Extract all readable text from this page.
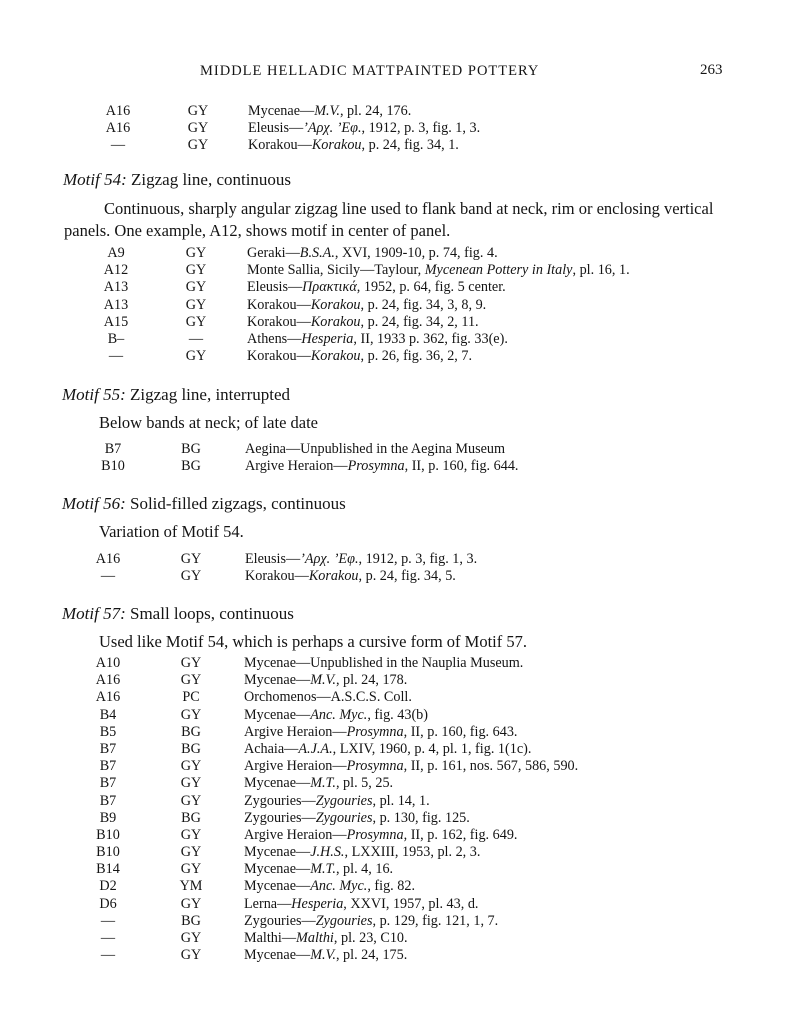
MIDDLE HELLADIC MATTPAINTED POTTERY	263
A16	GY	Mycenae—M.V., pl. 24, 176.
A16	GY	Eleusis—’Αρχ. ’Εφ., 1912, p. 3, fig. 1, 3.
—	GY	Korakou—Korakou, p. 24, fig. 34, 1.
Motif 54: Zigzag line, continuous
Continuous, sharply angular zigzag line used to flank band at neck, rim or enclosing vertical panels. One example, A12, shows motif in center of panel.
A9	GY	Geraki—B.S.A., XVI, 1909-10, p. 74, fig. 4.
A12	GY	Monte Sallia, Sicily—Taylour, Mycenean Pottery in Italy, pl. 16, 1.
A13	GY	Eleusis—Πρακτικά, 1952, p. 64, fig. 5 center.
A13	GY	Korakou—Korakou, p. 24, fig. 34, 3, 8, 9.
A15	GY	Korakou—Korakou, p. 24, fig. 34, 2, 11.
B–	—	Athens—Hesperia, II, 1933 p. 362, fig. 33(e).
—	GY	Korakou—Korakou, p. 26, fig. 36, 2, 7.
Motif 55: Zigzag line, interrupted
Below bands at neck; of late date
B7	BG	Aegina—Unpublished in the Aegina Museum
B10	BG	Argive Heraion—Prosymna, II, p. 160, fig. 644.
Motif 56: Solid-filled zigzags, continuous
Variation of Motif 54.
A16	GY	Eleusis—’Αρχ. ’Εφ., 1912, p. 3, fig. 1, 3.
—	GY	Korakou—Korakou, p. 24, fig. 34, 5.
Motif 57: Small loops, continuous
Used like Motif 54, which is perhaps a cursive form of Motif 57.
A10	GY	Mycenae—Unpublished in the Nauplia Museum.
A16	GY	Mycenae—M.V., pl. 24, 178.
A16	PC	Orchomenos—A.S.C.S. Coll.
B4	GY	Mycenae—Anc. Myc., fig. 43(b)
B5	BG	Argive Heraion—Prosymna, II, p. 160, fig. 643.
B7	BG	Achaia—A.J.A., LXIV, 1960, p. 4, pl. 1, fig. 1(1c).
B7	GY	Argive Heraion—Prosymna, II, p. 161, nos. 567, 586, 590.
B7	GY	Mycenae—M.T., pl. 5, 25.
B7	GY	Zygouries—Zygouries, pl. 14, 1.
B9	BG	Zygouries—Zygouries, p. 130, fig. 125.
B10	GY	Argive Heraion—Prosymna, II, p. 162, fig. 649.
B10	GY	Mycenae—J.H.S., LXXIII, 1953, pl. 2, 3.
B14	GY	Mycenae—M.T., pl. 4, 16.
D2	YM	Mycenae—Anc. Myc., fig. 82.
D6	GY	Lerna—Hesperia, XXVI, 1957, pl. 43, d.
—	BG	Zygouries—Zygouries, p. 129, fig. 121, 1, 7.
—	GY	Malthi—Malthi, pl. 23, C10.
—	GY	Mycenae—M.V., pl. 24, 175.
